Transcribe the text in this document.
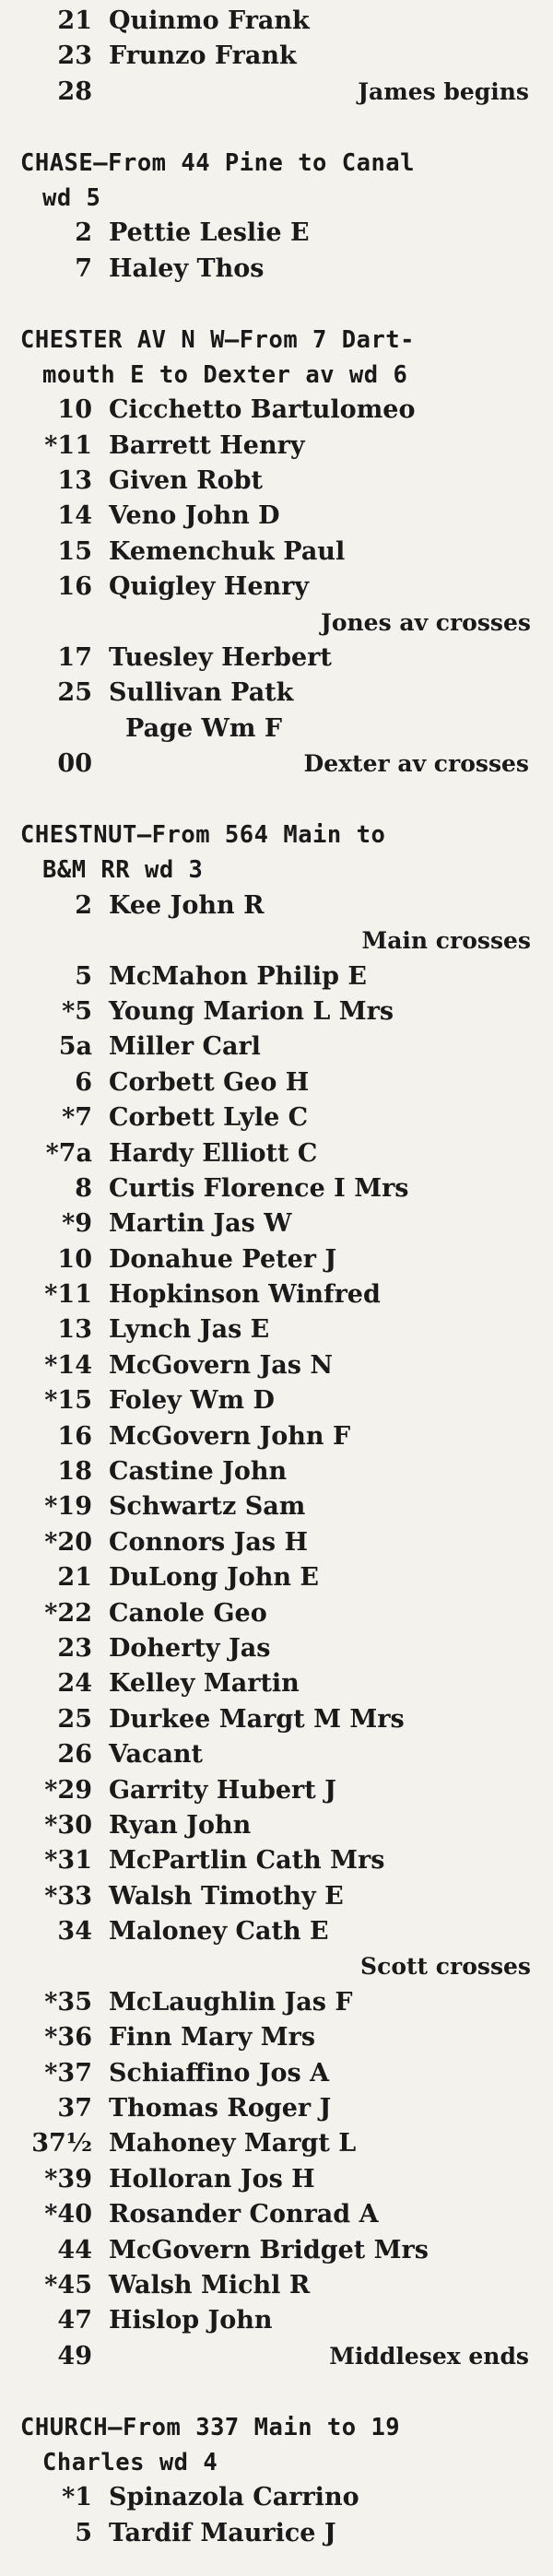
21 Quinmo Frank
23 Frunzo Frank
28	James begins
CHASE—From 44 Pine to Canal
wd 5
2 Pettie Leslie E
7 Haley Thos
CHESTER AV N W—From 7 Dart-
mouth E to Dexter av wd 6
10 Cicchetto Bartulomeo
*11 Barrett Henry
13 Given Robt
14 Veno John D
15 Kemenchuk Paul
16 Quigley Henry
Jones av crosses
17 Tuesley Herbert
25 Sullivan Patk
Page Wm F
00	Dexter av crosses
CHESTNUT—From 564 Main to
B&M RR wd 3
2 Kee John R
Main crosses
5 McMahon Philip E
*5 Young Marion L Mrs
5a Miller Carl
6 Corbett Geo H
*7 Corbett Lyle C
*7a Hardy Elliott C
8 Curtis Florence I Mrs
*9 Martin Jas W
10 Donahue Peter J
*11 Hopkinson Winfred
13 Lynch Jas E
*14 McGovern Jas N
*15 Foley Wm D
16 McGovern John F
18 Castine John
*19 Schwartz Sam
*20 Connors Jas H
21 DuLong John E
*22 Canole Geo
23 Doherty Jas
24 Kelley Martin
25 Durkee Margt M Mrs
26 Vacant
*29 Garrity Hubert J
*30 Ryan John
*31 McPartlin Cath Mrs
*33 Walsh Timothy E
34 Maloney Cath E
Scott crosses
*35 McLaughlin Jas F
*36 Finn Mary Mrs
*37 Schiaffino Jos A
37 Thomas Roger J
37½ Mahoney Margt L
*39 Holloran Jos H
*40 Rosander Conrad A
44 McGovern Bridget Mrs
*45 Walsh Michl R
47 Hislop John
49	Middlesex ends
CHURCH—From 337 Main to 19
Charles wd 4
*1 Spinazola Carrino
5 Tardif Maurice J
